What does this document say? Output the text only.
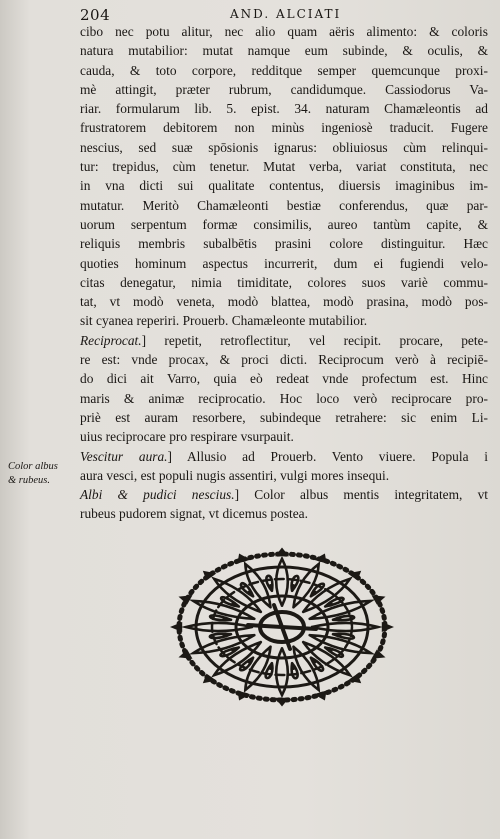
204	AND. ALCIATI
cibo nec potu alitur, nec alio quam aëris alimento: & coloris
natura mutabilior: mutat namque eum subinde, & oculis, &
cauda, & toto corpore, redditque semper quemcunque proxi-
mè attingit, præter rubrum, candidumque. Cassiodorus Va-
riar. formularum lib. 5. epist. 34. naturam Chamæleontis ad
frustratorem debitorem non minùs ingeniosè traducit. Fugere
nescius, sed suæ spōsionis ignarus: obliuiosus cùm relinqui-
tur: trepidus, cùm tenetur. Mutat verba, variat constituta, nec
in vna dicti sui qualitate contentus, diuersis imaginibus im-
mutatur. Meritò Chamæleonti bestiæ conferendus, quæ par-
uorum serpentum formæ consimilis, aureo tantùm capite, &
reliquis membris subalbētis prasini colore distinguitur. Hæc
quoties hominum aspectus incurrerit, dum ei fugiendi velo-
citas denegatur, nimia timiditate, colores suos variè commu-
tat, vt modò veneta, modò blattea, modò prasina, modò pos-
sit cyanea reperiri. Prouerb. Chamæleonte mutabilior.
Reciprocat.] repetit, retroflectitur, vel recipit. procare, pete-
re est: vnde procax, & proci dicti. Reciprocum verò à recipiē-
do dici ait Varro, quia eò redeat vnde profectum est. Hinc
maris & animæ reciprocatio. Hoc loco verò reciprocare pro-
priè est auram resorbere, subindeque retrahere: sic enim Li-
uius reciprocare pro respirare vsurpauit.
Vescitur aura.] Allusio ad Prouerb. Vento viuere. Popula i
aura vesci, est populi nugis assentiri, vulgi mores insequi.
Albi & pudici nescius.] Color albus mentis integritatem, vt
rubeus pudorem signat, vt dicemus postea.
Color albus
& rubeus.
